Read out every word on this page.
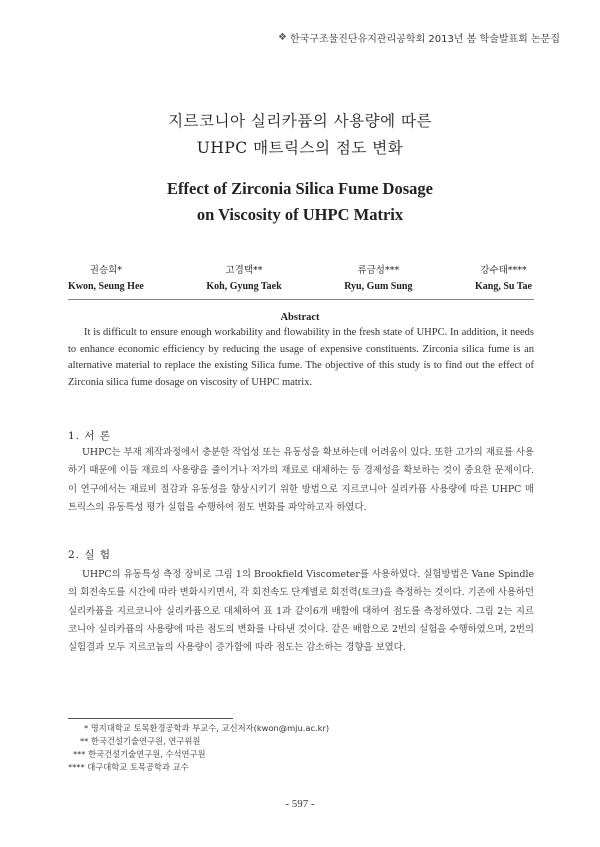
❖ 한국구조물진단유지관리공학회 2013년 봄 학술발표회 논문집
지르코니아 실리카퓸의 사용량에 따른
UHPC 매트릭스의 점도 변화
Effect of Zirconia Silica Fume Dosage
on Viscosity of UHPC Matrix
권승희*
Kwon, Seung Hee
고경택**
Koh, Gyung Taek
류금성***
Ryu, Gum Sung
강수태****
Kang, Su Tae
Abstract

It is difficult to ensure enough workability and flowability in the fresh state of UHPC. In addition, it needs to enhance economic efficiency by reducing the usage of expensive constituents. Zirconia silica fume is an alternative material to replace the existing Silica fume. The objective of this study is to find out the effect of Zirconia silica fume dosage on viscosity of UHPC matrix.

1. 서 론

UHPC는 부재 제작과정에서 충분한 작업성 또는 유동성을 확보하는데 어려움이 있다. 또한 고가의 재료를 사용하기 때문에 이들 재료의 사용량을 줄이거나 저가의 재료로 대체하는 등 경제성을 확보하는 것이 중요한 문제이다. 이 연구에서는 재료비 절감과 유동성을 향상시키기 위한 방법으로 지르코니아 실리카퓸 사용량에 따른 UHPC 매트릭스의 유동특성 평가 실험을 수행하여 점도 변화를 파악하고자 하였다.

2. 실 험

UHPC의 유동특성 측정 장비로 그림 1의 Brookfield Viscometer를 사용하였다. 실험방법은 Vane Spindle의 회전속도를 시간에 따라 변화시키면서, 각 회전속도 단계별로 회전력(토크)을 측정하는 것이다. 기존에 사용하던 실리카퓸을 지르코니아 실리카퓸으로 대체하여 표 1과 같이6개 배합에 대하여 점도를 측정하였다. 그림 2는 지르코니아 실리카퓸의 사용량에 따른 점도의 변화를 나타낸 것이다. 같은 배합으로 2번의 실험을 수행하였으며, 2번의 실험결과 모두 지르코늄의 사용량이 증가함에 따라 점도는 감소하는 경향을 보였다.

* 명지대학교 토목환경공학과 부교수, 교신저자(kwon@mju.ac.kr)
** 한국건설기술연구원, 연구위원
*** 한국건설기술연구원, 수석연구원
**** 대구대학교 토목공학과 교수
- 597 -
